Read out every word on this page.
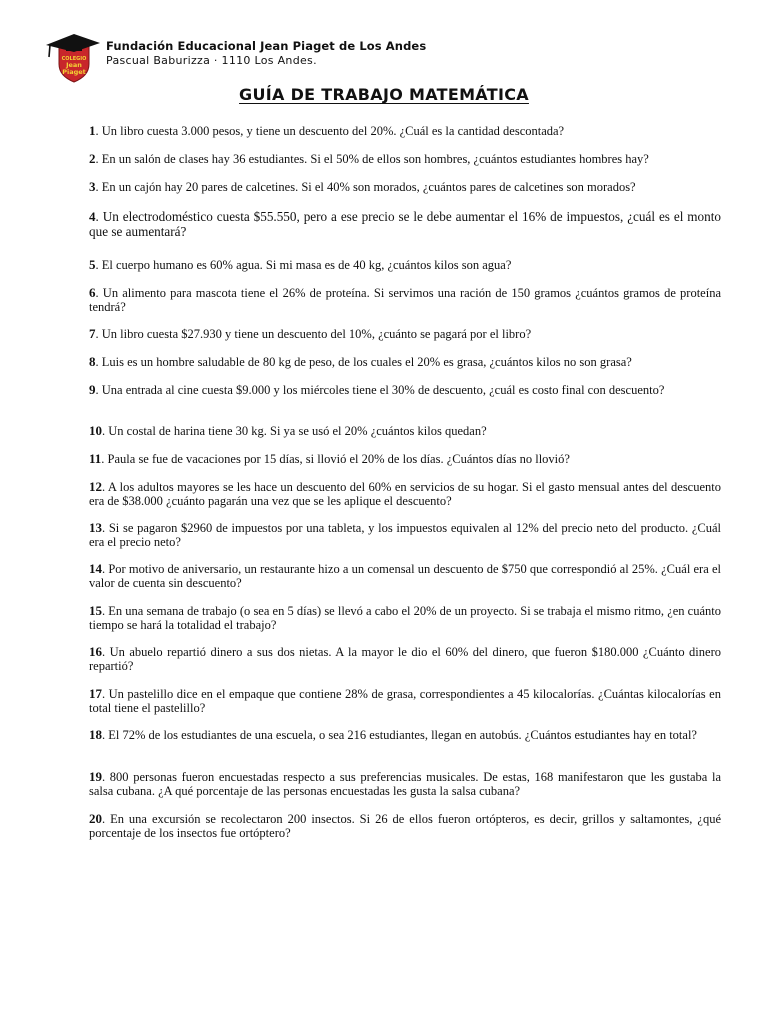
COLEGIO
Jean
Piaget
Fundación Educacional Jean Piaget de Los Andes
Pascual Baburizza · 1110 Los Andes.
GUÍA DE TRABAJO MATEMÁTICA
1. Un libro cuesta 3.000 pesos, y tiene un descuento del 20%. ¿Cuál es la cantidad descontada?
2. En un salón de clases hay 36 estudiantes. Si el 50% de ellos son hombres, ¿cuántos estudiantes hombres hay?
3. En un cajón hay 20 pares de calcetines. Si el 40% son morados, ¿cuántos pares de calcetines son morados?
4. Un electrodoméstico cuesta $55.550, pero a ese precio se le debe aumentar el 16% de impuestos, ¿cuál es el monto que se aumentará?
5. El cuerpo humano es 60% agua. Si mi masa es de 40 kg, ¿cuántos kilos son agua?
6. Un alimento para mascota tiene el 26% de proteína. Si servimos una ración de 150 gramos ¿cuántos gramos de proteína tendrá?
7. Un libro cuesta $27.930 y tiene un descuento del 10%, ¿cuánto se pagará por el libro?
8. Luis es un hombre saludable de 80 kg de peso, de los cuales el 20% es grasa, ¿cuántos kilos no son grasa?
9. Una entrada al cine cuesta $9.000 y los miércoles tiene el 30% de descuento, ¿cuál es costo final con descuento?
10. Un costal de harina tiene 30 kg. Si ya se usó el 20% ¿cuántos kilos quedan?
11. Paula se fue de vacaciones por 15 días, si llovió el 20% de los días. ¿Cuántos días no llovió?
12. A los adultos mayores se les hace un descuento del 60% en servicios de su hogar. Si el gasto mensual antes del descuento era de $38.000 ¿cuánto pagarán una vez que se les aplique el descuento?
13. Si se pagaron $2960 de impuestos por una tableta, y los impuestos equivalen al 12% del precio neto del producto. ¿Cuál era el precio neto?
14. Por motivo de aniversario, un restaurante hizo a un comensal un descuento de $750 que correspondió al 25%. ¿Cuál era el valor de cuenta sin descuento?
15. En una semana de trabajo (o sea en 5 días) se llevó a cabo el 20% de un proyecto. Si se trabaja el mismo ritmo, ¿en cuánto tiempo se hará la totalidad el trabajo?
16. Un abuelo repartió dinero a sus dos nietas. A la mayor le dio el 60% del dinero, que fueron $180.000 ¿Cuánto dinero repartió?
17. Un pastelillo dice en el empaque que contiene 28% de grasa, correspondientes a 45 kilocalorías. ¿Cuántas kilocalorías en total tiene el pastelillo?
18. El 72% de los estudiantes de una escuela, o sea 216 estudiantes, llegan en autobús. ¿Cuántos estudiantes hay en total?
19. 800 personas fueron encuestadas respecto a sus preferencias musicales. De estas, 168 manifestaron que les gustaba la salsa cubana. ¿A qué porcentaje de las personas encuestadas les gusta la salsa cubana?
20. En una excursión se recolectaron 200 insectos. Si 26 de ellos fueron ortópteros, es decir, grillos y saltamontes, ¿qué porcentaje de los insectos fue ortóptero?
